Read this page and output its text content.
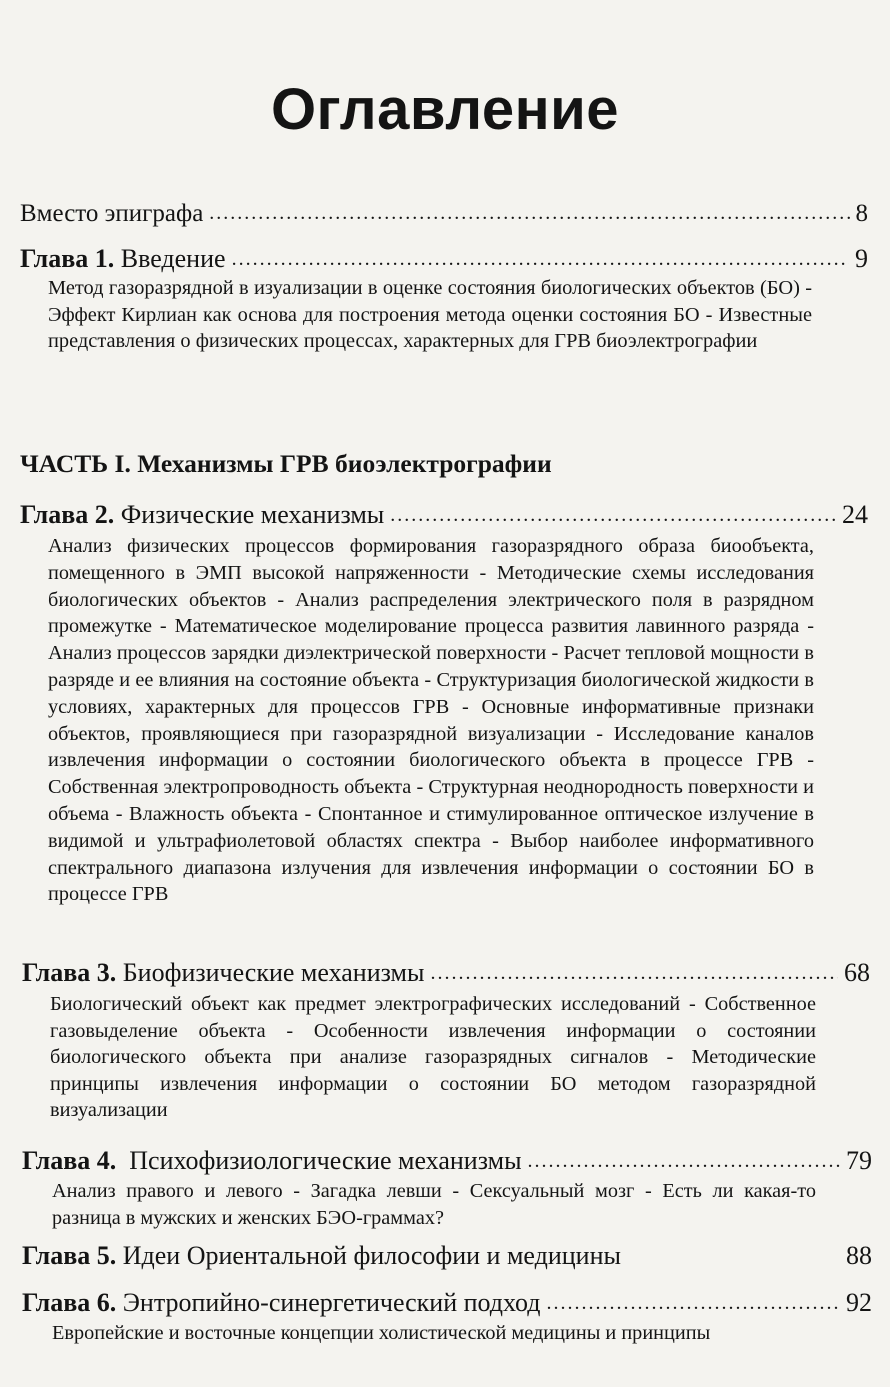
Оглавление
Вместо эпиграфа . . .	8
Глава 1. Введение . . .	9

Метод газоразрядной в изуализации в оценке состояния биологических объектов (БО) - Эффект Кирлиан как основа для построения метода оценки состояния БО - Известные представления о физических процессах, характерных для ГРВ биоэлектрографии

ЧАСТЬ I. Механизмы ГРВ биоэлектрографии

Глава 2. Физические механизмы . . .	24

Анализ физических процессов формирования газоразрядного образа биообъекта, помещенного в ЭМП высокой напряженности - Методические схемы исследования биологических объектов - Анализ распределения электрического поля в разрядном промежутке - Математическое моделирование процесса развития лавинного разряда - Анализ процессов зарядки диэлектрической поверхности - Расчет тепловой мощности в разряде и ее влияния на состояние объекта - Структуризация биологической жидкости в условиях, характерных для процессов ГРВ - Основные информативные признаки объектов, проявляющиеся при газоразрядной визуализации - Исследование каналов извлечения информации о состоянии биологического объекта в процессе ГРВ - Собственная электропроводность объекта - Структурная неоднородность поверхности и объема - Влажность объекта - Спонтанное и стимулированное оптическое излучение в видимой и ультрафиолетовой областях спектра - Выбор наиболее информативного спектрального диапазона излучения для извлечения информации о состоянии БО в процессе ГРВ

Глава 3. Биофизические механизмы . . .	68

Биологический объект как предмет электрографических исследований - Собственное газовыделение объекта - Особенности извлечения информации о состоянии биологического объекта при анализе газоразрядных сигналов - Методические принципы извлечения информации о состоянии БО методом газоразрядной визуализации

Глава 4. Психофизиологические механизмы . . .	79

Анализ правого и левого - Загадка левши - Сексуальный мозг - Есть ли какая-то разница в мужских и женских БЭО-граммах?

Глава 5. Идеи Ориентальной философии и медицины	88
Глава 6. Энтропийно-синергетический подход . . .	92

Европейские и восточные концепции холистической медицины и принципы
